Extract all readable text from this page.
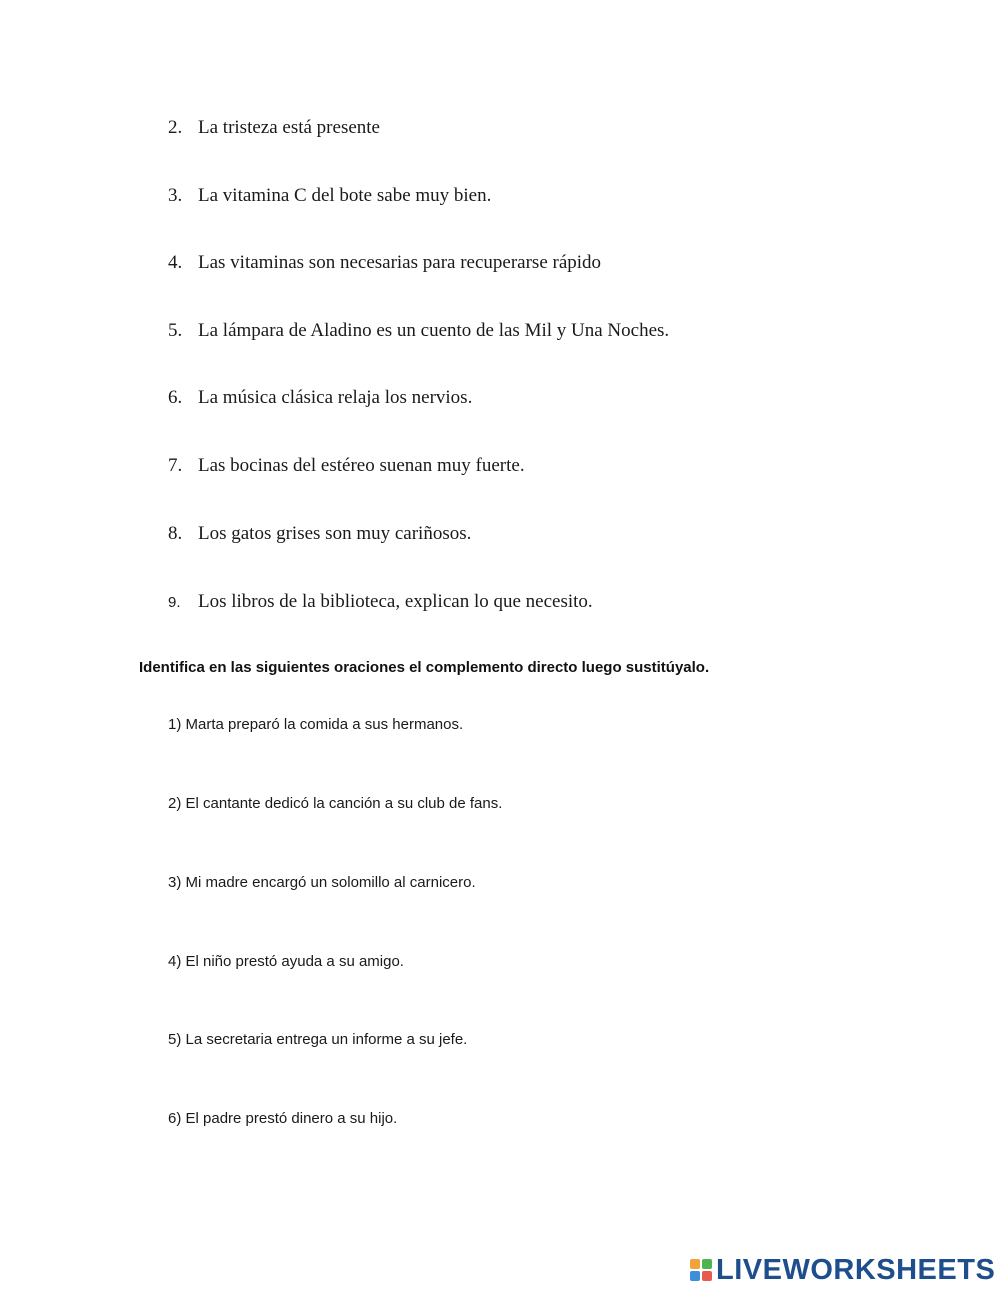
2. La tristeza está presente
3. La vitamina C del bote sabe muy bien.
4. Las vitaminas son necesarias para recuperarse rápido
5. La lámpara de Aladino es un cuento de las Mil y Una Noches.
6. La música clásica relaja los nervios.
7. Las bocinas del estéreo suenan muy fuerte.
8. Los gatos grises son muy cariñosos.
9. Los libros de la biblioteca, explican lo que necesito.
Identifica en las siguientes oraciones el complemento directo luego sustitúyalo.
1) Marta preparó la comida a sus hermanos.
2) El cantante dedicó la canción a su club de fans.
3) Mi madre encargó un solomillo al carnicero.
4) El niño prestó ayuda a su amigo.
5) La secretaria entrega un informe a su jefe.
6) El padre prestó dinero a su hijo.
LIVEWORKSHEETS
